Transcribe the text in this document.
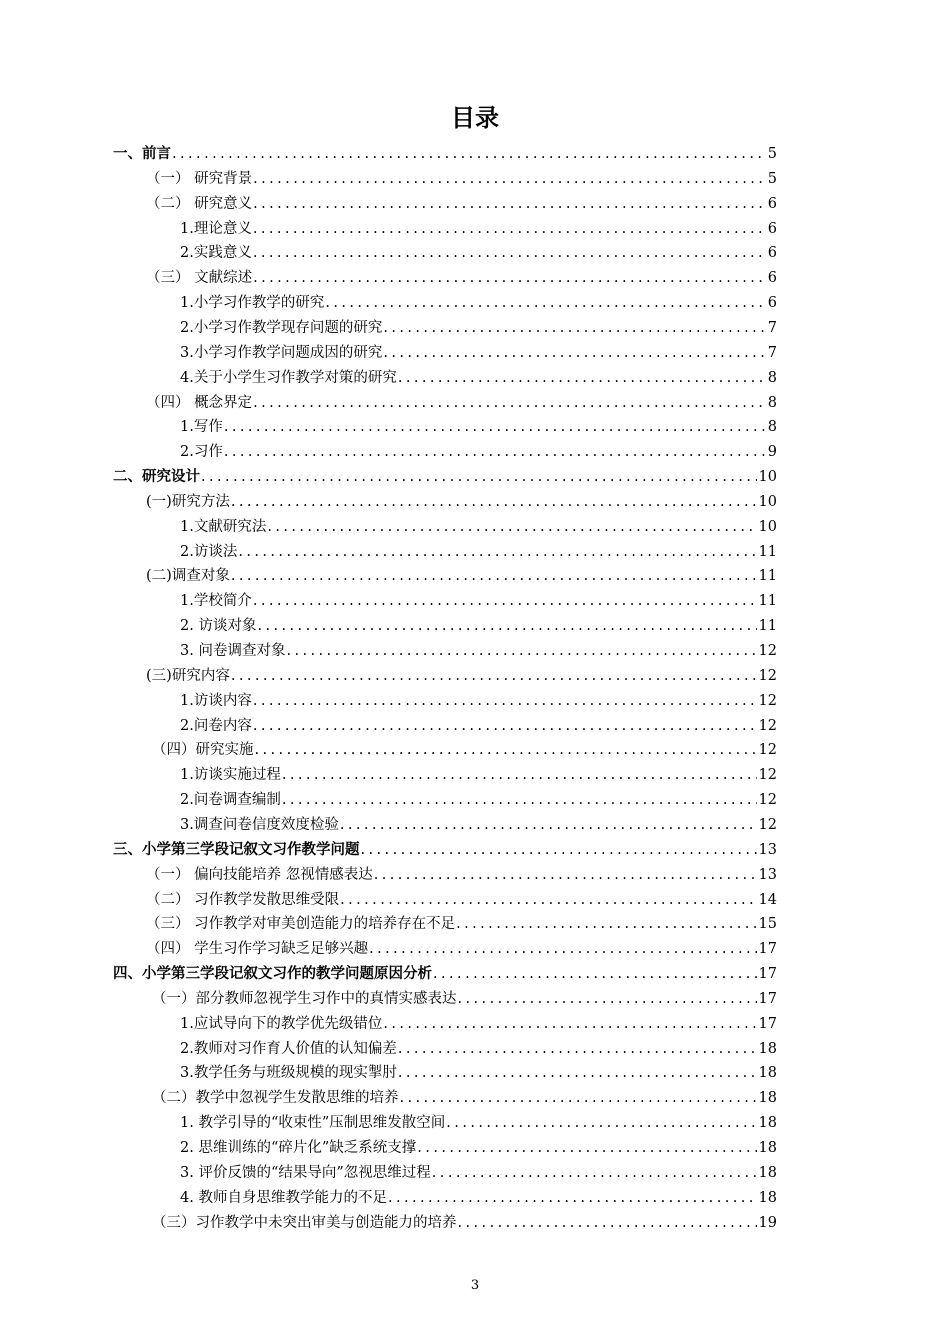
目录
一、前言 . . .	5
（一） 研究背景 . . .	5
（二） 研究意义 . . .	6
1.理论意义 . . .	6
2.实践意义 . . .	6
（三） 文献综述 . . .	6
1.小学习作教学的研究 . . .	6
2.小学习作教学现存问题的研究 . . .	7
3.小学习作教学问题成因的研究 . . .	7
4.关于小学生习作教学对策的研究 . . .	8
（四） 概念界定 . . .	8
1.写作 . . .	8
2.习作 . . .	9
二、研究设计 . . .	10
(一)研究方法 . . .	10
1.文献研究法 . . .	10
2.访谈法 . . .	11
(二)调查对象 . . .	11
1.学校简介 . . .	11
2. 访谈对象 . . .	11
3. 问卷调查对象 . . .	12
(三)研究内容 . . .	12
1.访谈内容 . . .	12
2.问卷内容 . . .	12
（四）研究实施 . . .	12
1.访谈实施过程 . . .	12
2.问卷调查编制 . . .	12
3.调查问卷信度效度检验 . . .	12
三、小学第三学段记叙文习作教学问题 . . .	13
（一） 偏向技能培养 忽视情感表达 . . .	13
（二） 习作教学发散思维受限 . . .	14
（三） 习作教学对审美创造能力的培养存在不足 . . .	15
（四） 学生习作学习缺乏足够兴趣 . . .	17
四、小学第三学段记叙文习作的教学问题原因分析 . . .	17
（一）部分教师忽视学生习作中的真情实感表达 . . .	17
1.应试导向下的教学优先级错位 . . .	17
2.教师对习作育人价值的认知偏差 . . .	18
3.教学任务与班级规模的现实掣肘 . . .	18
（二）教学中忽视学生发散思维的培养 . . .	18
1. 教学引导的“收束性”压制思维发散空间 . . .	18
2. 思维训练的“碎片化”缺乏系统支撑 . . .	18
3. 评价反馈的“结果导向”忽视思维过程 . . .	18
4. 教师自身思维教学能力的不足 . . .	18
（三）习作教学中未突出审美与创造能力的培养 . . .	19
3
